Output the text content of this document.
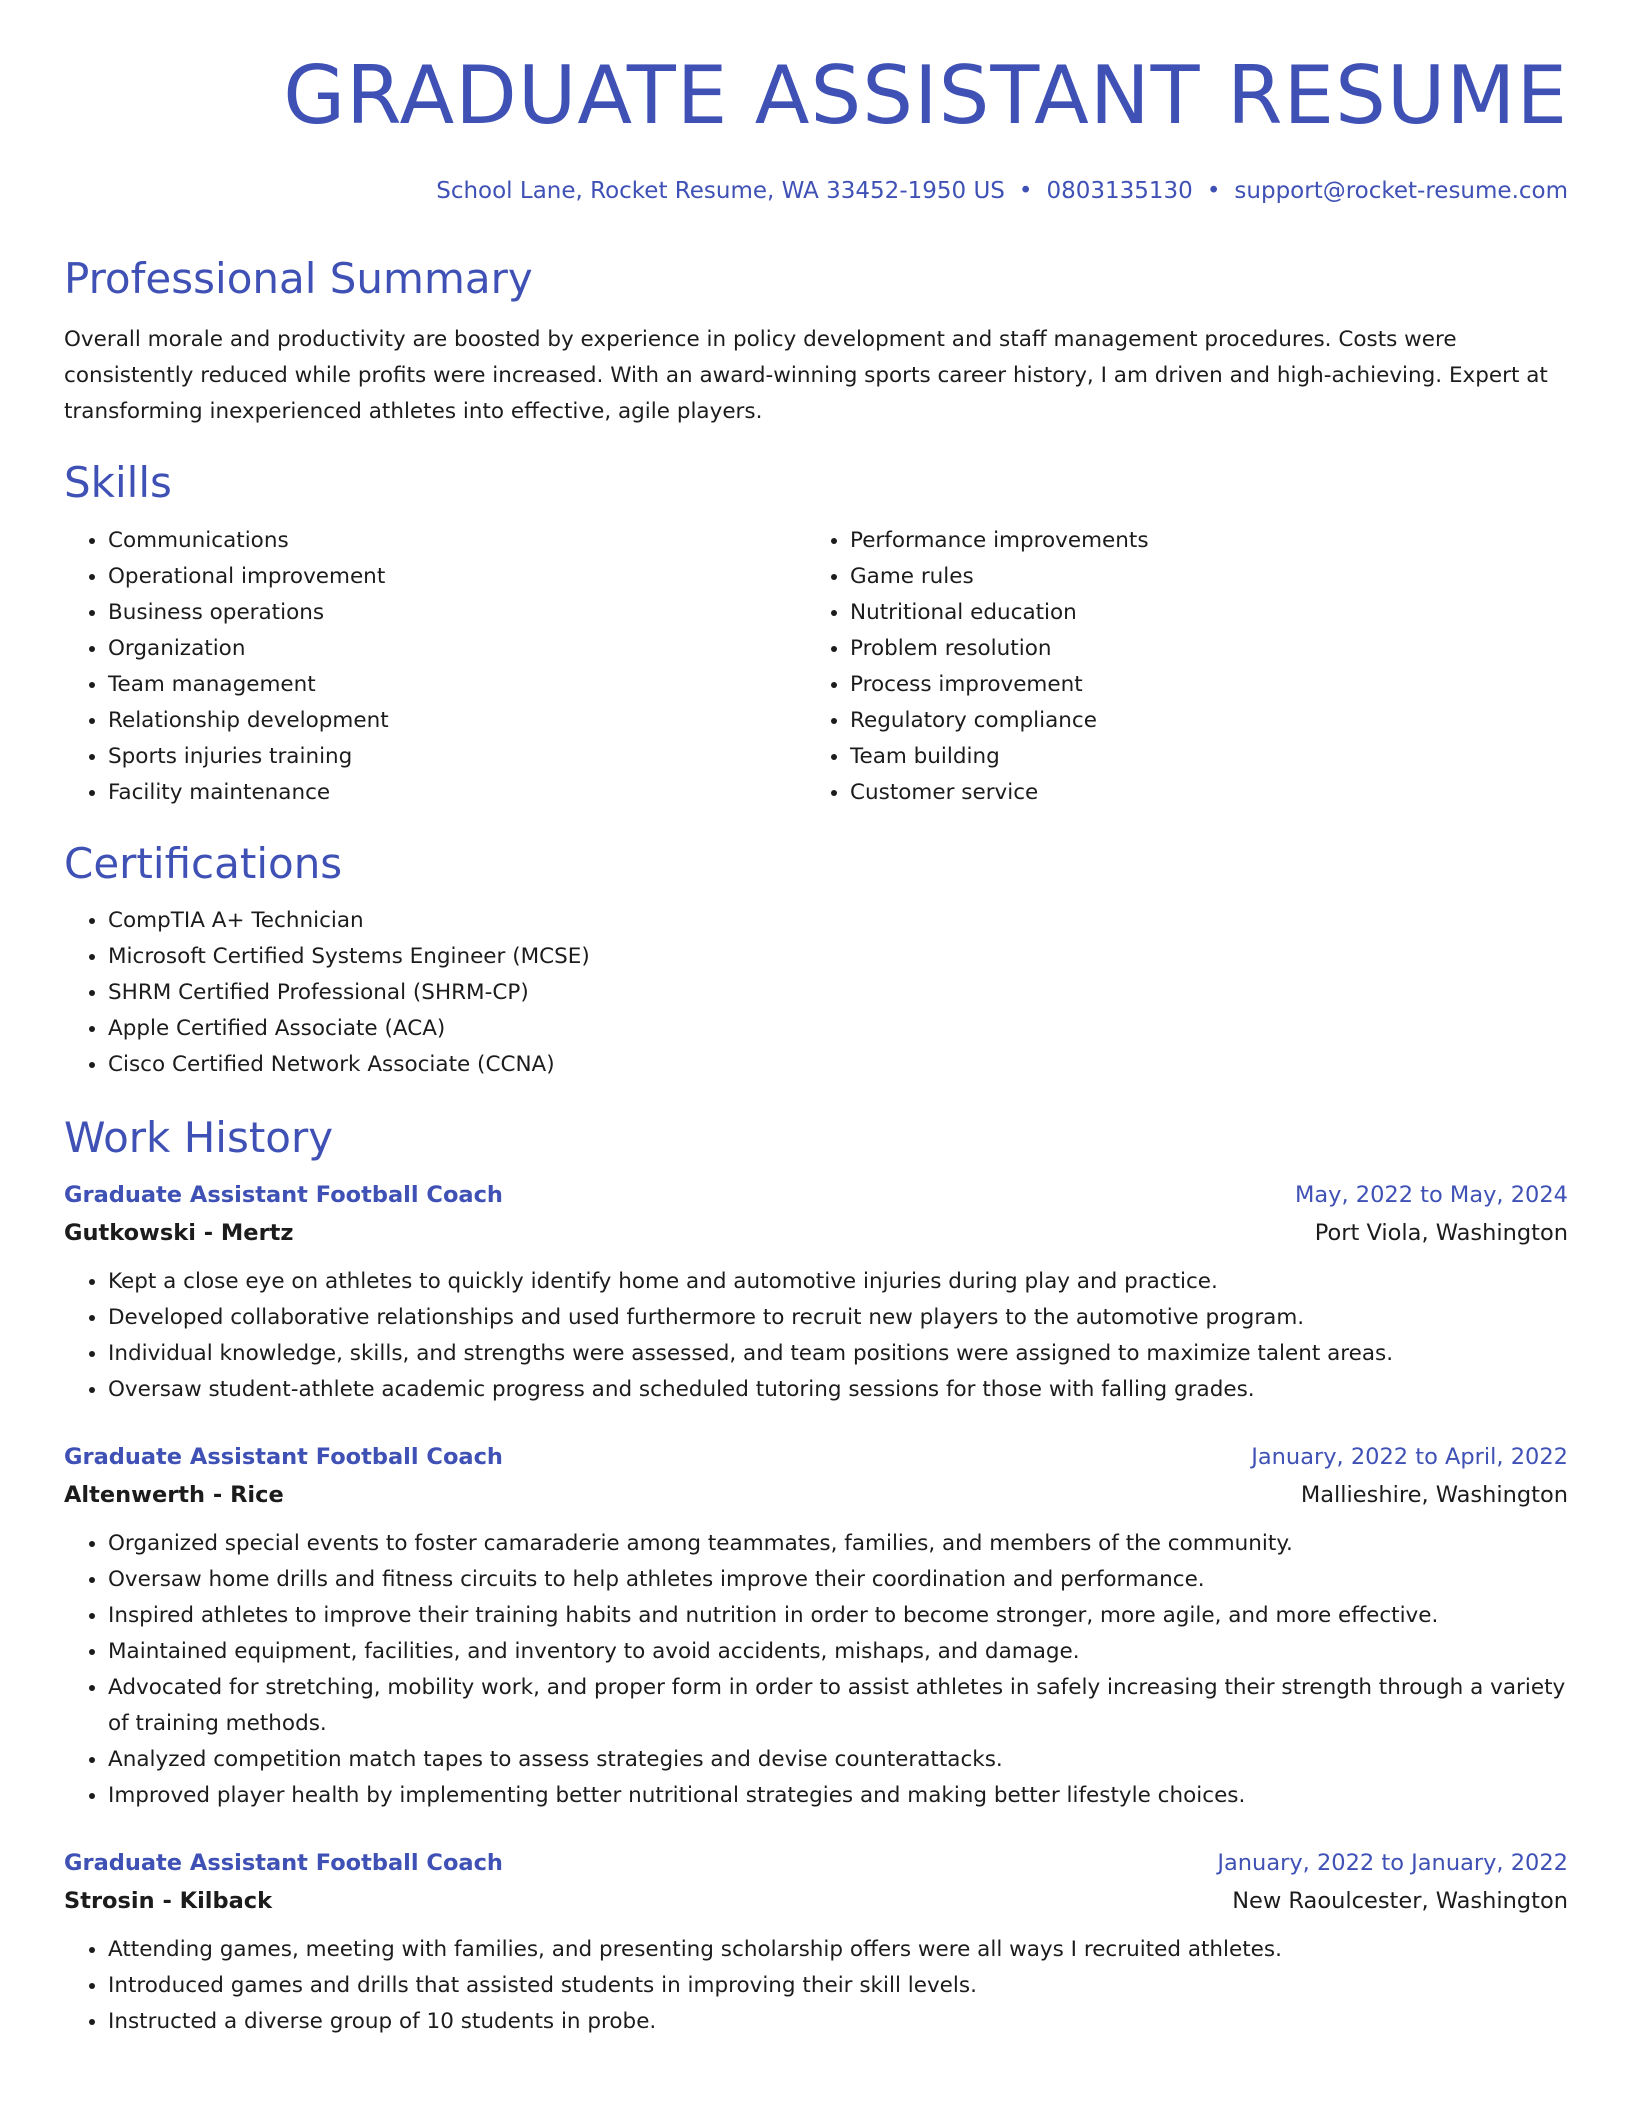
GRADUATE ASSISTANT RESUME
School Lane, Rocket Resume, WA 33452-1950 US • 0803135130 • support@rocket-resume.com
Professional Summary
Overall morale and productivity are boosted by experience in policy development and staff management procedures. Costs were consistently reduced while profits were increased. With an award-winning sports career history, I am driven and high-achieving. Expert at transforming inexperienced athletes into effective, agile players.
Skills
• Communications
• Operational improvement
• Business operations
• Organization
• Team management
• Relationship development
• Sports injuries training
• Facility maintenance
• Performance improvements
• Game rules
• Nutritional education
• Problem resolution
• Process improvement
• Regulatory compliance
• Team building
• Customer service
Certifications
• CompTIA A+ Technician
• Microsoft Certified Systems Engineer (MCSE)
• SHRM Certified Professional (SHRM-CP)
• Apple Certified Associate (ACA)
• Cisco Certified Network Associate (CCNA)
Work History
Graduate Assistant Football Coach	May, 2022 to May, 2024
Gutkowski - Mertz	Port Viola, Washington
• Kept a close eye on athletes to quickly identify home and automotive injuries during play and practice.
• Developed collaborative relationships and used furthermore to recruit new players to the automotive program.
• Individual knowledge, skills, and strengths were assessed, and team positions were assigned to maximize talent areas.
• Oversaw student-athlete academic progress and scheduled tutoring sessions for those with falling grades.
Graduate Assistant Football Coach	January, 2022 to April, 2022
Altenwerth - Rice	Mallieshire, Washington
• Organized special events to foster camaraderie among teammates, families, and members of the community.
• Oversaw home drills and fitness circuits to help athletes improve their coordination and performance.
• Inspired athletes to improve their training habits and nutrition in order to become stronger, more agile, and more effective.
• Maintained equipment, facilities, and inventory to avoid accidents, mishaps, and damage.
• Advocated for stretching, mobility work, and proper form in order to assist athletes in safely increasing their strength through a variety of training methods.
• Analyzed competition match tapes to assess strategies and devise counterattacks.
• Improved player health by implementing better nutritional strategies and making better lifestyle choices.
Graduate Assistant Football Coach	January, 2022 to January, 2022
Strosin - Kilback	New Raoulcester, Washington
• Attending games, meeting with families, and presenting scholarship offers were all ways I recruited athletes.
• Introduced games and drills that assisted students in improving their skill levels.
• Instructed a diverse group of 10 students in probe.
